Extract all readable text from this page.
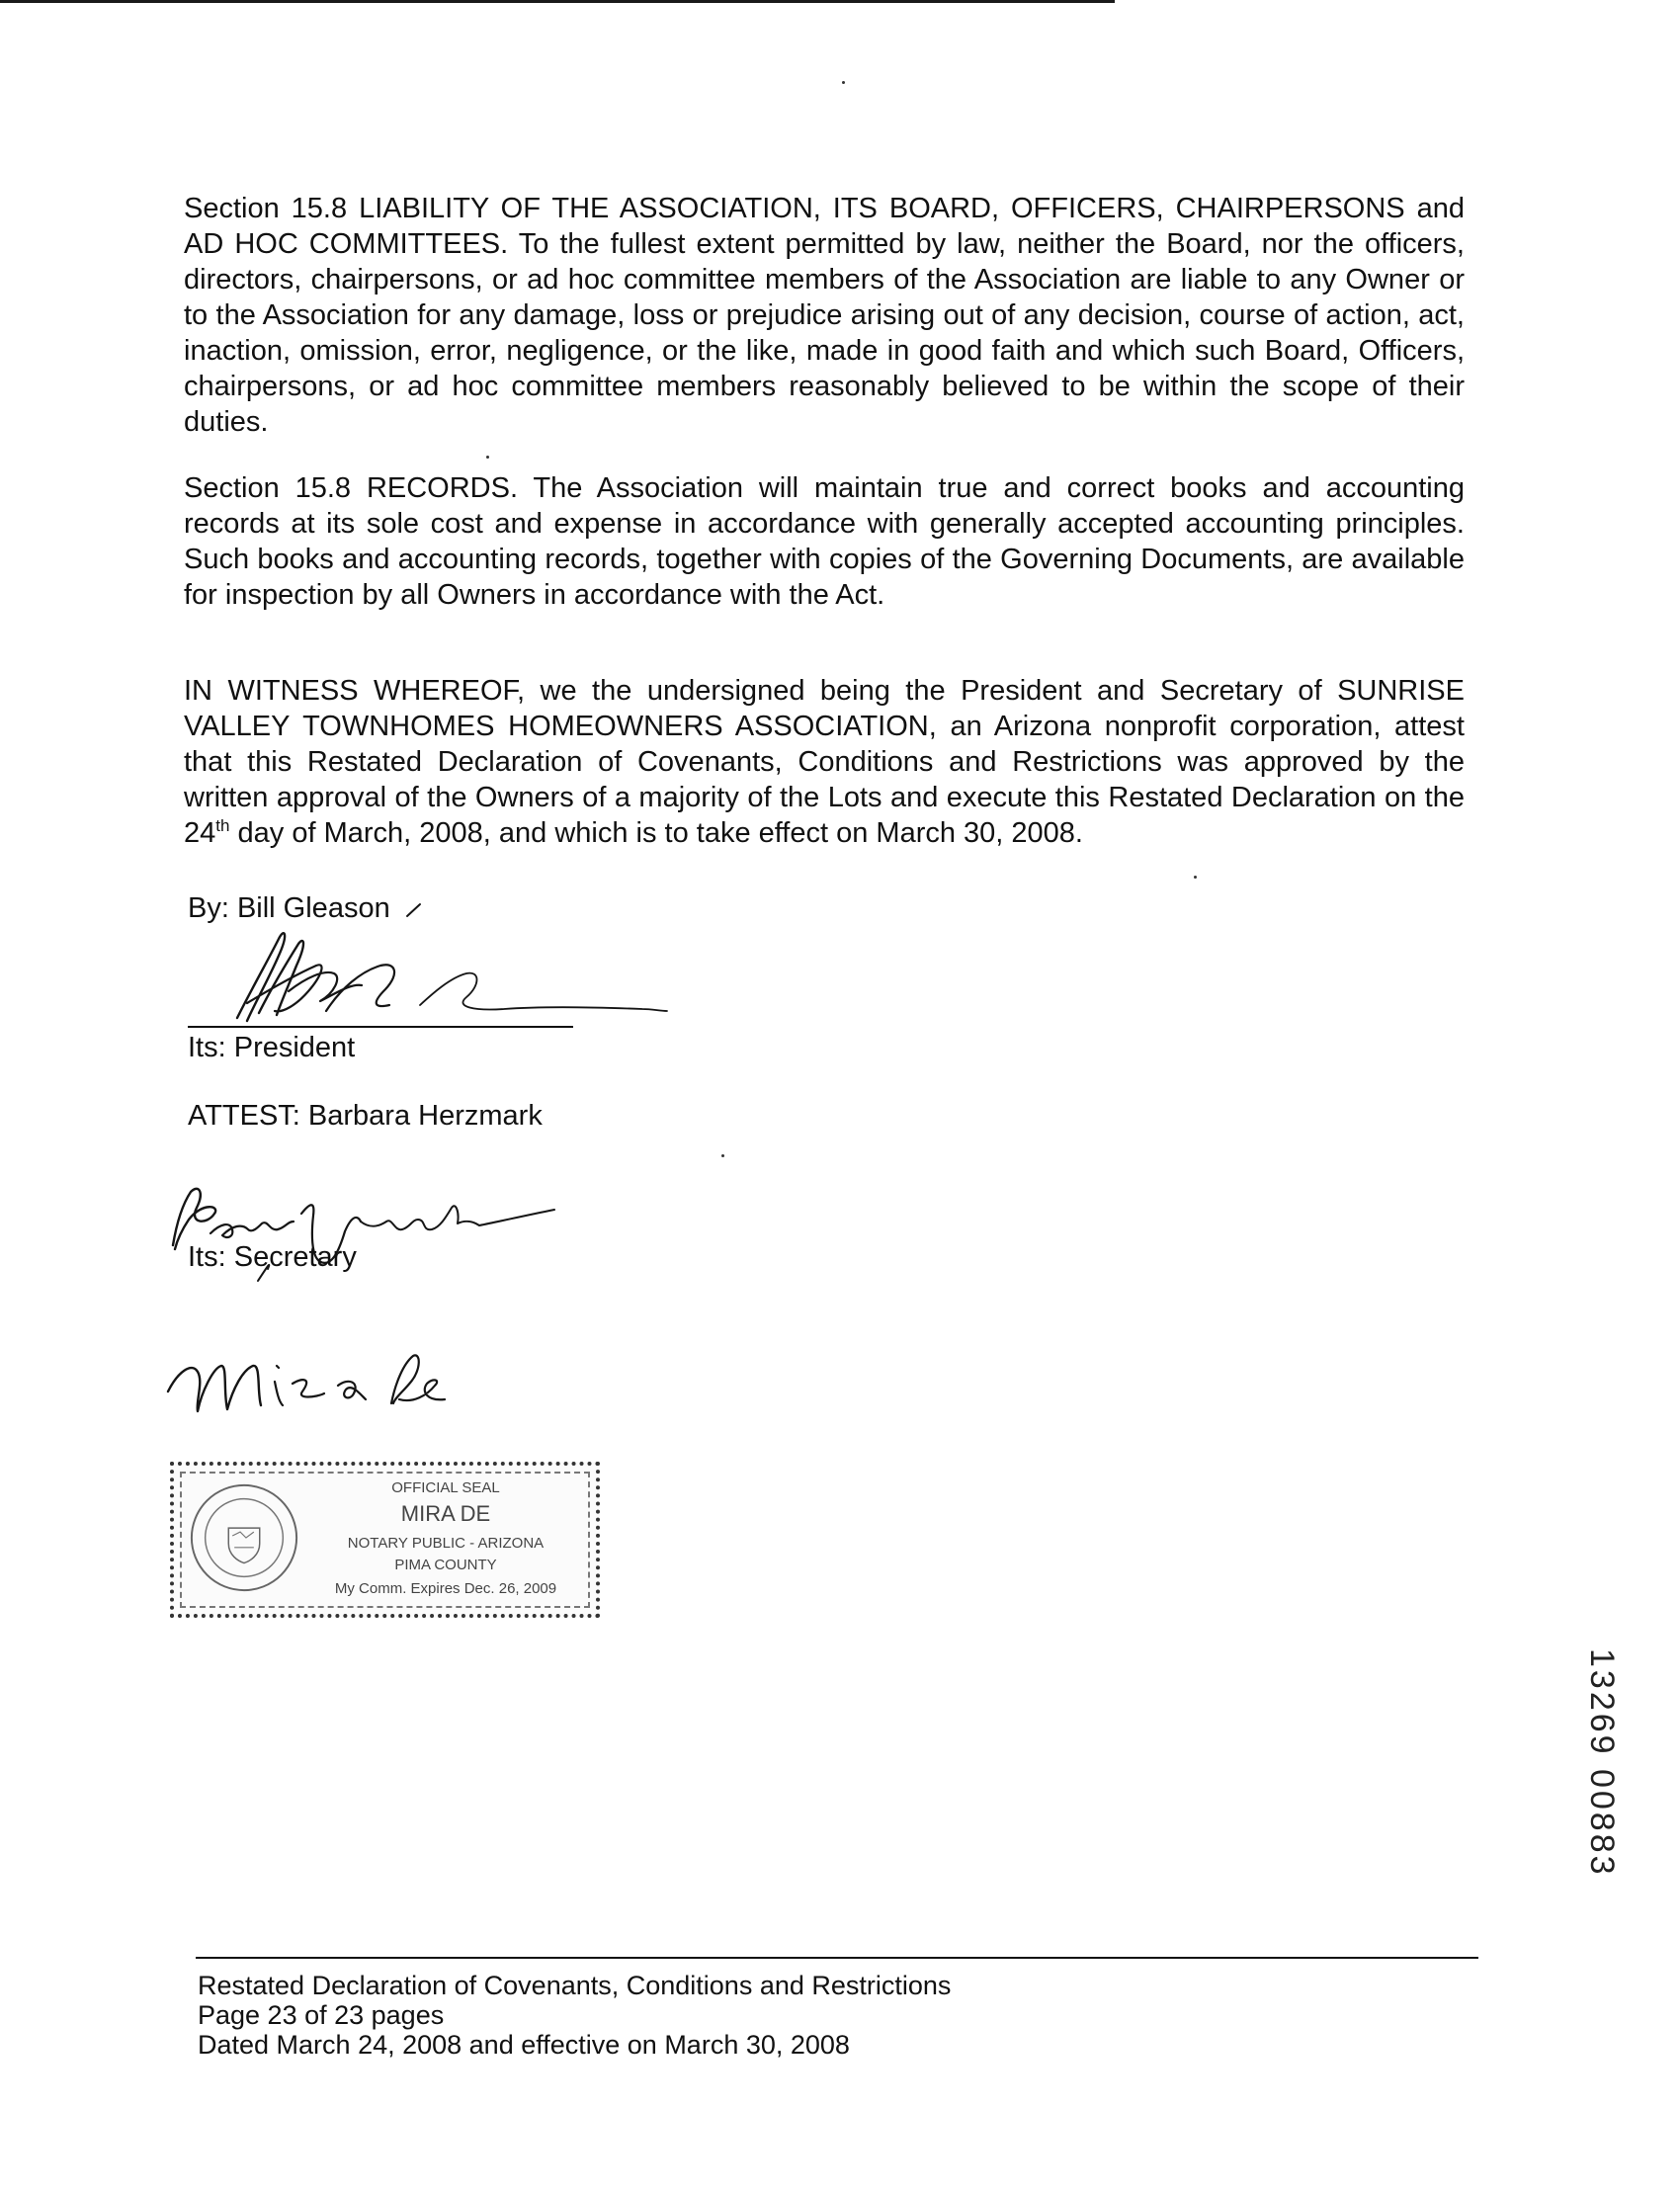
Section 15.8 LIABILITY OF THE ASSOCIATION, ITS BOARD, OFFICERS, CHAIRPERSONS and AD HOC COMMITTEES. To the fullest extent permitted by law, neither the Board, nor the officers, directors, chairpersons, or ad hoc committee members of the Association are liable to any Owner or to the Association for any damage, loss or prejudice arising out of any decision, course of action, act, inaction, omission, error, negligence, or the like, made in good faith and which such Board, Officers, chairpersons, or ad hoc committee members reasonably believed to be within the scope of their duties.

Section 15.8 RECORDS. The Association will maintain true and correct books and accounting records at its sole cost and expense in accordance with generally accepted accounting principles. Such books and accounting records, together with copies of the Governing Documents, are available for inspection by all Owners in accordance with the Act.

IN WITNESS WHEREOF, we the undersigned being the President and Secretary of SUNRISE VALLEY TOWNHOMES HOMEOWNERS ASSOCIATION, an Arizona nonprofit corporation, attest that this Restated Declaration of Covenants, Conditions and Restrictions was approved by the written approval of the Owners of a majority of the Lots and execute this Restated Declaration on the 24th day of March, 2008, and which is to take effect on March 30, 2008.

By: Bill Gleason

Its: President

ATTEST: Barbara Herzmark

Its: Secretary

OFFICIAL SEAL

MIRA DE

NOTARY PUBLIC - ARIZONA

PIMA COUNTY

My Comm. Expires Dec. 26, 2009

13269 00883

Restated Declaration of Covenants, Conditions and Restrictions

Page 23 of 23 pages

Dated March 24, 2008 and effective on March 30, 2008
